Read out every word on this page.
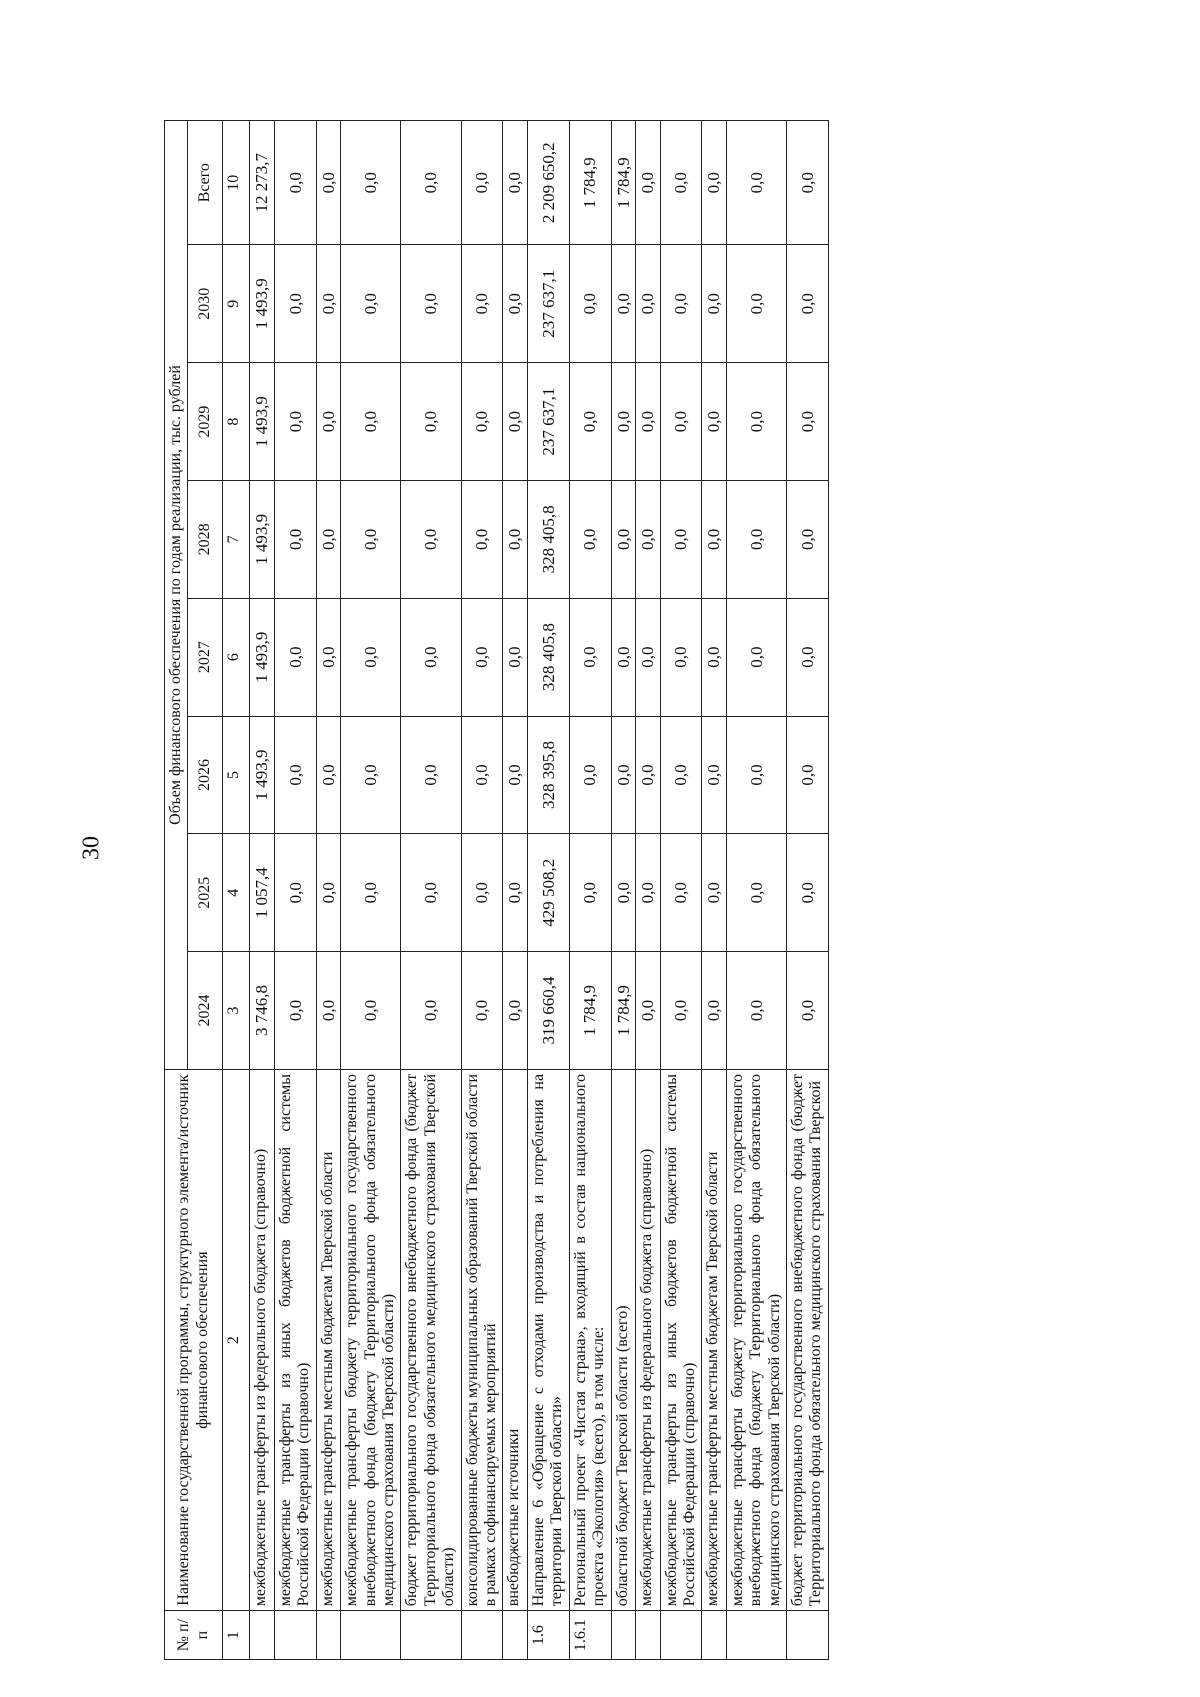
30
№ п/п	Наименование государственной программы, структурного элемента/источник финансового обеспечения	Объем финансового обеспечения по годам реализации, тыс. рублей							
		2024	2025	2026	2027	2028	2029	2030	Всего
1	2	3	4	5	6	7	8	9	10
	межбюджетные трансферты из федерального бюджета (справочно)	3 746,8	1 057,4	1 493,9	1 493,9	1 493,9	1 493,9	1 493,9	12 273,7
	межбюджетные трансферты из иных бюджетов бюджетной системы Российской Федерации (справочно)	0,0	0,0	0,0	0,0	0,0	0,0	0,0	0,0
	межбюджетные трансферты местным бюджетам Тверской области	0,0	0,0	0,0	0,0	0,0	0,0	0,0	0,0
	межбюджетные трансферты бюджету территориального государственного внебюджетного фонда (бюджету Территориального фонда обязательного медицинского страхования Тверской области)	0,0	0,0	0,0	0,0	0,0	0,0	0,0	0,0
	бюджет территориального государственного внебюджетного фонда (бюджет Территориального фонда обязательного медицинского страхования Тверской области)	0,0	0,0	0,0	0,0	0,0	0,0	0,0	0,0
	консолидированные бюджеты муниципальных образований Тверской области в рамках софинансируемых мероприятий	0,0	0,0	0,0	0,0	0,0	0,0	0,0	0,0
	внебюджетные источники	0,0	0,0	0,0	0,0	0,0	0,0	0,0	0,0
1.6	Направление 6 «Обращение с отходами производства и потребления на территории Тверской области»	319 660,4	429 508,2	328 395,8	328 405,8	328 405,8	237 637,1	237 637,1	2 209 650,2
1.6.1	Региональный проект «Чистая страна», входящий в состав национального проекта «Экология» (всего), в том числе:	1 784,9	0,0	0,0	0,0	0,0	0,0	0,0	1 784,9
	областной бюджет Тверской области (всего)	1 784,9	0,0	0,0	0,0	0,0	0,0	0,0	1 784,9
	межбюджетные трансферты из федерального бюджета (справочно)	0,0	0,0	0,0	0,0	0,0	0,0	0,0	0,0
	межбюджетные трансферты из иных бюджетов бюджетной системы Российской Федерации (справочно)	0,0	0,0	0,0	0,0	0,0	0,0	0,0	0,0
	межбюджетные трансферты местным бюджетам Тверской области	0,0	0,0	0,0	0,0	0,0	0,0	0,0	0,0
	межбюджетные трансферты бюджету территориального государственного внебюджетного фонда (бюджету Территориального фонда обязательного медицинского страхования Тверской области)	0,0	0,0	0,0	0,0	0,0	0,0	0,0	0,0
	бюджет территориального государственного внебюджетного фонда (бюджет Территориального фонда обязательного медицинского страхования Тверской	0,0	0,0	0,0	0,0	0,0	0,0	0,0	0,0
